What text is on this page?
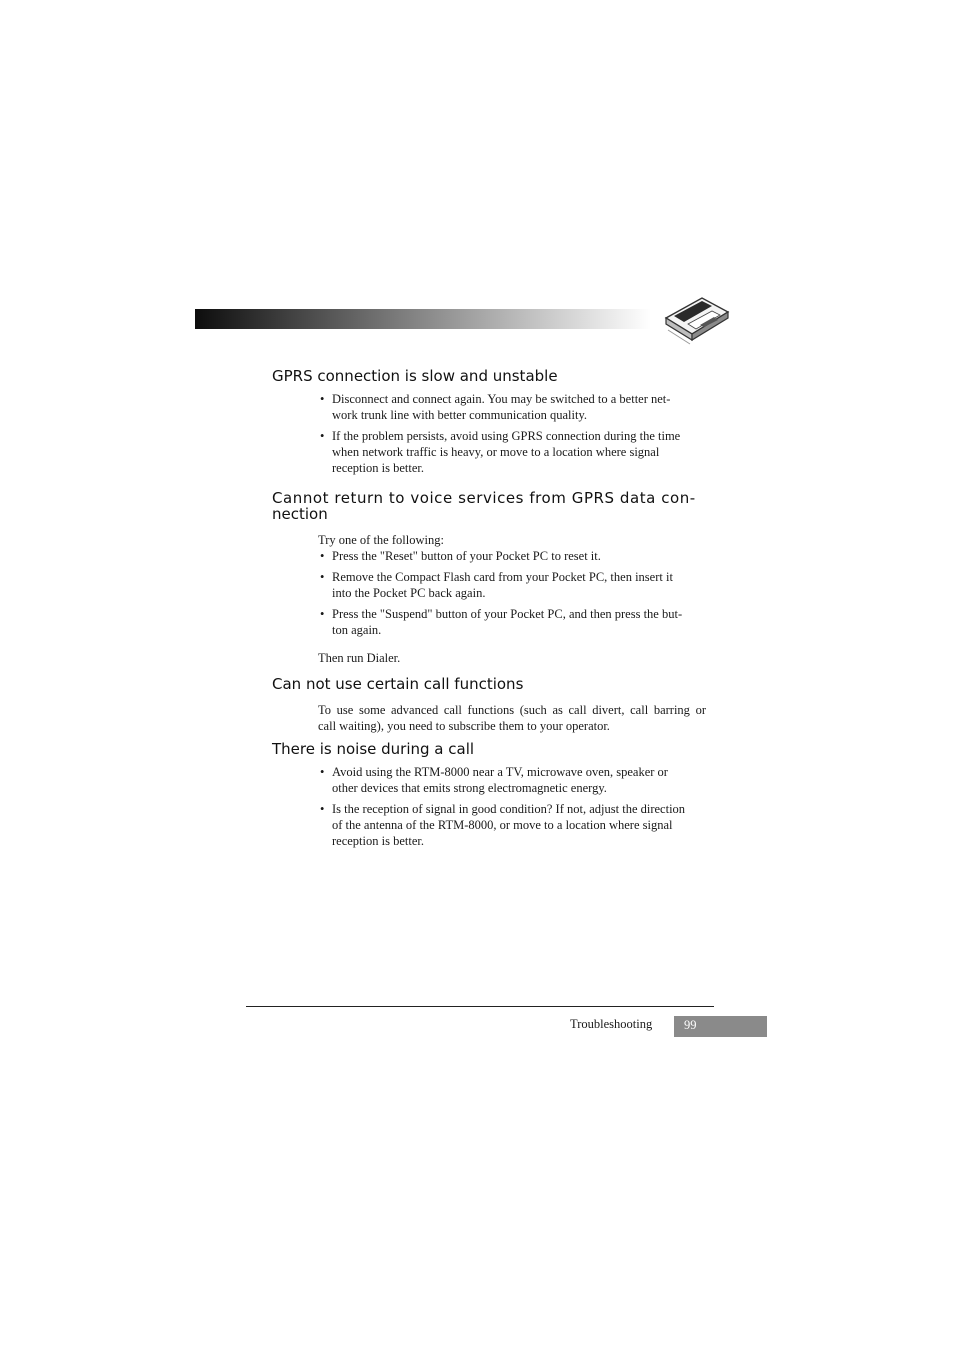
GPRS connection is slow and unstable
• Disconnect and connect again. You may be switched to a better net-
work trunk line with better communication quality.
• If the problem persists, avoid using GPRS connection during the time
when network traffic is heavy, or move to a location where signal
reception is better.
Cannot return to voice services from GPRS data con-
nection
Try one of the following:
• Press the "Reset" button of your Pocket PC to reset it.
• Remove the Compact Flash card from your Pocket PC, then insert it
into the Pocket PC back again.
• Press the "Suspend" button of your Pocket PC, and then press the but-
ton again.
Then run Dialer.
Can not use certain call functions
To use some advanced call functions (such as call divert, call barring or
call waiting), you need to subscribe them to your operator.
There is noise during a call
• Avoid using the RTM-8000 near a TV, microwave oven, speaker or
other devices that emits strong electromagnetic energy.
• Is the reception of signal in good condition? If not, adjust the direction
of the antenna of the RTM-8000, or move to a location where signal
reception is better.
Troubleshooting	99
